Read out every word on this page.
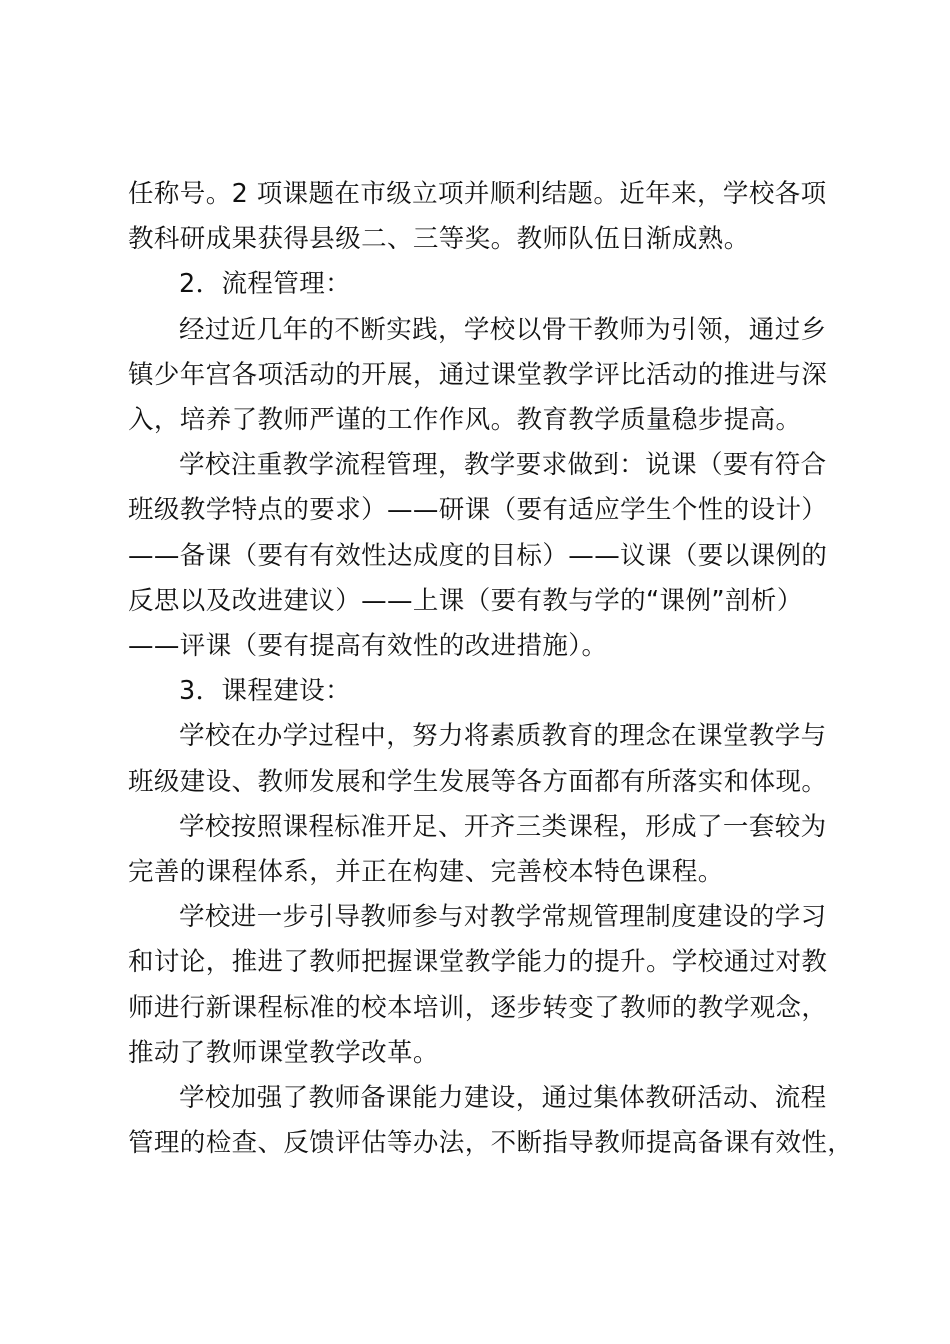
任称号。2 项课题在市级立项并顺利结题。近年来，学校各项
教科研成果获得县级二、三等奖。教师队伍日渐成熟。
2．流程管理：
经过近几年的不断实践，学校以骨干教师为引领，通过乡
镇少年宫各项活动的开展，通过课堂教学评比活动的推进与深
入，培养了教师严谨的工作作风。教育教学质量稳步提高。
学校注重教学流程管理，教学要求做到：说课（要有符合
班级教学特点的要求）——研课（要有适应学生个性的设计）
——备课（要有有效性达成度的目标）——议课（要以课例的
反思以及改进建议）——上课（要有教与学的“课例”剖析）
——评课（要有提高有效性的改进措施）。
3．课程建设：
学校在办学过程中，努力将素质教育的理念在课堂教学与
班级建设、教师发展和学生发展等各方面都有所落实和体现。
学校按照课程标准开足、开齐三类课程，形成了一套较为
完善的课程体系，并正在构建、完善校本特色课程。
学校进一步引导教师参与对教学常规管理制度建设的学习
和讨论，推进了教师把握课堂教学能力的提升。学校通过对教
师进行新课程标准的校本培训，逐步转变了教师的教学观念，
推动了教师课堂教学改革。
学校加强了教师备课能力建设，通过集体教研活动、流程
管理的检查、反馈评估等办法，不断指导教师提高备课有效性，
